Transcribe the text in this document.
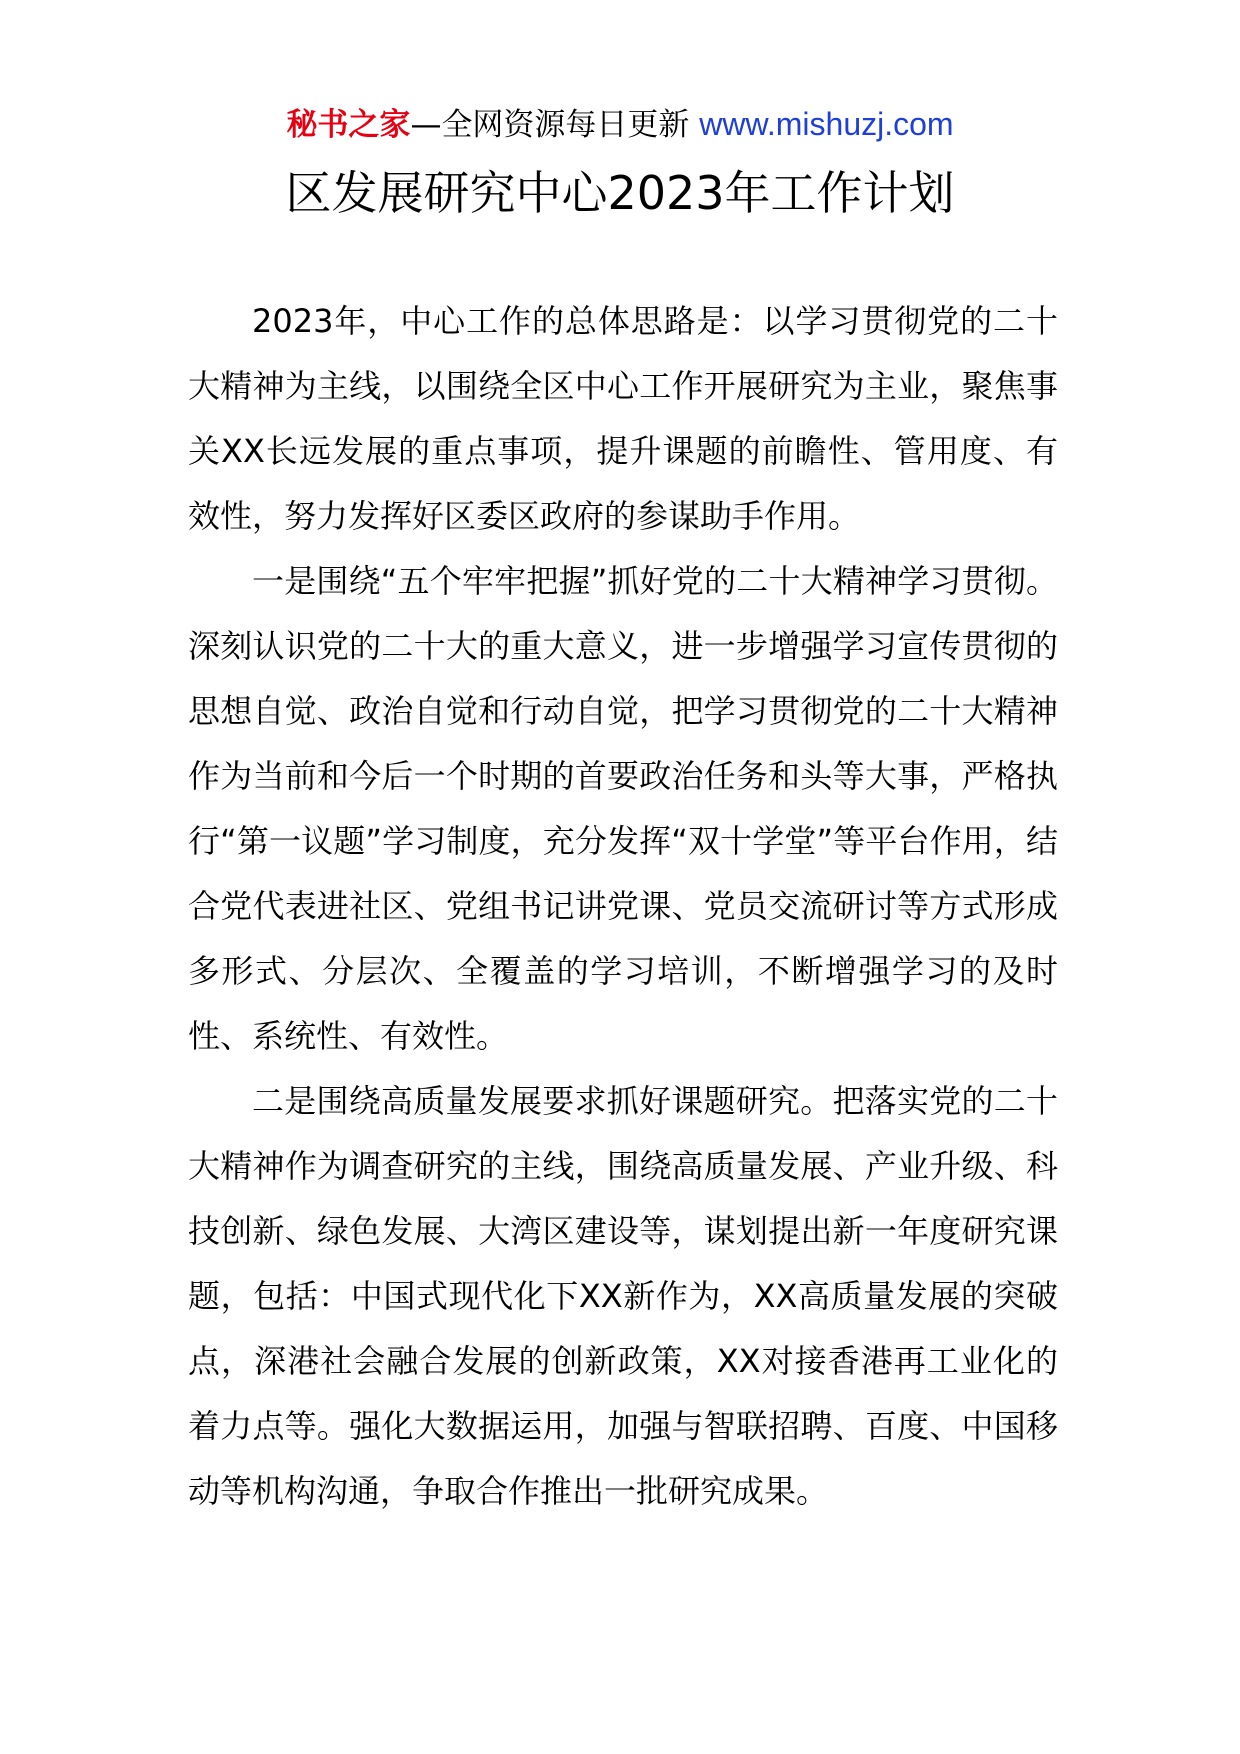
秘书之家—全网资源每日更新 www.mishuzj.com
区发展研究中心2023年工作计划

2023年，中心工作的总体思路是：以学习贯彻党的二十大精神为主线，以围绕全区中心工作开展研究为主业，聚焦事关XX长远发展的重点事项，提升课题的前瞻性、管用度、有效性，努力发挥好区委区政府的参谋助手作用。

一是围绕“五个牢牢把握”抓好党的二十大精神学习贯彻。深刻认识党的二十大的重大意义，进一步增强学习宣传贯彻的思想自觉、政治自觉和行动自觉，把学习贯彻党的二十大精神作为当前和今后一个时期的首要政治任务和头等大事，严格执行“第一议题”学习制度，充分发挥“双十学堂”等平台作用，结合党代表进社区、党组书记讲党课、党员交流研讨等方式形成多形式、分层次、全覆盖的学习培训，不断增强学习的及时性、系统性、有效性。

二是围绕高质量发展要求抓好课题研究。把落实党的二十大精神作为调查研究的主线，围绕高质量发展、产业升级、科技创新、绿色发展、大湾区建设等，谋划提出新一年度研究课题，包括：中国式现代化下XX新作为，XX高质量发展的突破点，深港社会融合发展的创新政策，XX对接香港再工业化的着力点等。强化大数据运用，加强与智联招聘、百度、中国移动等机构沟通，争取合作推出一批研究成果。
